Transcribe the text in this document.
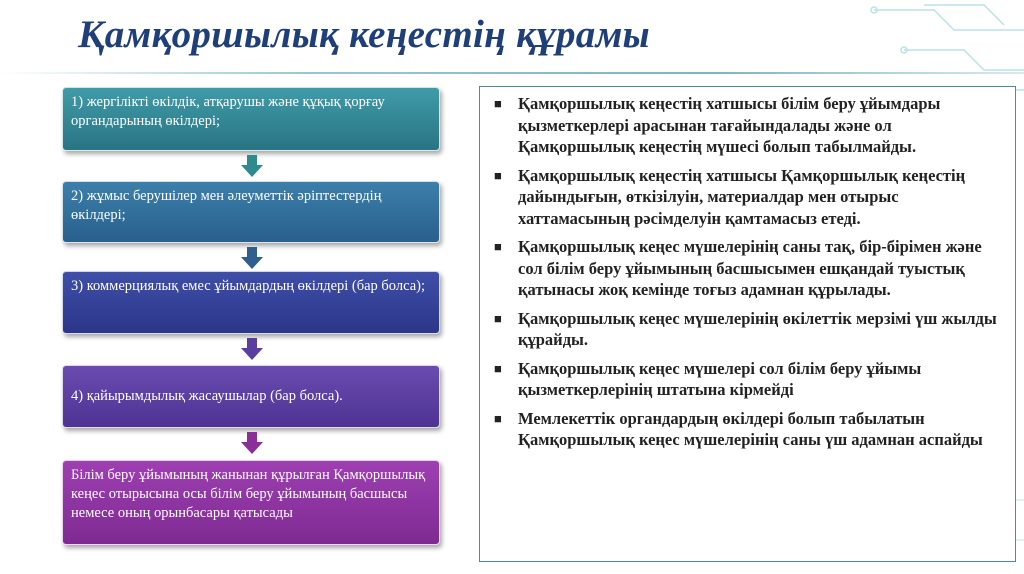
Қамқоршылық кеңестің құрамы
1) жергілікті өкілдік, атқарушы және құқық қорғау органдарының өкілдері;
2) жұмыс берушілер мен әлеуметтік әріптестердің өкілдері;
3) коммерциялық емес ұйымдардың өкілдері (бар болса);
4) қайырымдылық жасаушылар (бар болса).
Білім беру ұйымының жанынан құрылған Қамқоршылық кеңес отырысына осы білім беру ұйымының басшысы немесе оның орынбасары қатысады
■ Қамқоршылық кеңестің хатшысы білім беру ұйымдары қызметкерлері арасынан тағайындалады және ол Қамқоршылық кеңестің мүшесі болып табылмайды.
■ Қамқоршылық кеңестің хатшысы Қамқоршылық кеңестің дайындығын, өткізілуін, материалдар мен отырыс хаттамасының рәсімделуін қамтамасыз етеді.
■ Қамқоршылық кеңес мүшелерінің саны тақ, бір-бірімен және сол білім беру ұйымының басшысымен ешқандай туыстық қатынасы жоқ кемінде тоғыз адамнан құрылады.
■ Қамқоршылық кеңес мүшелерінің өкілеттік мерзімі үш жылды құрайды.
■ Қамқоршылық кеңес мүшелері сол білім беру ұйымы қызметкерлерінің штатына кірмейді
■ Мемлекеттік органдардың өкілдері болып табылатын Қамқоршылық кеңес мүшелерінің саны үш адамнан аспайды
